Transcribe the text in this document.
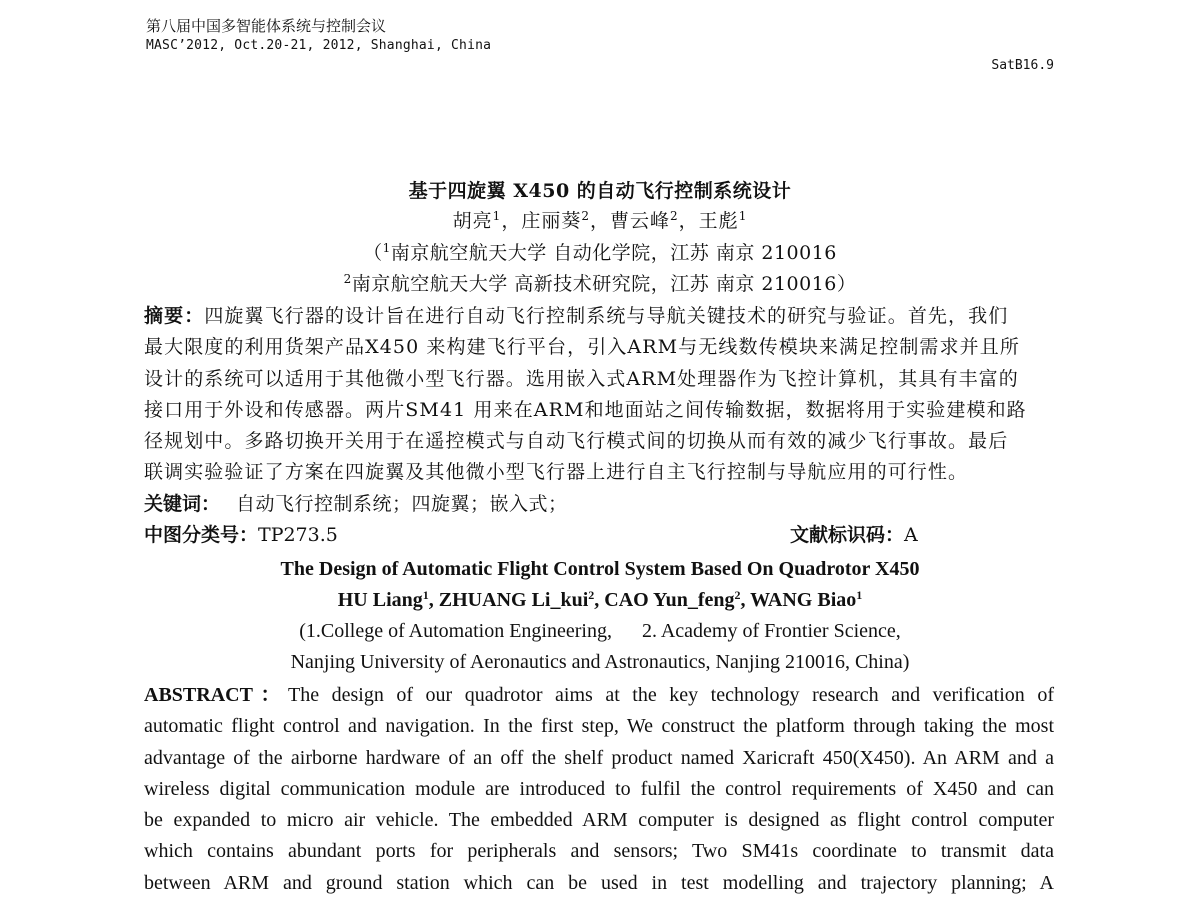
第八届中国多智能体系统与控制会议
MASC’2012, Oct.20-21, 2012, Shanghai, China
SatB16.9
基于四旋翼 X450 的自动飞行控制系统设计
胡亮$^1$，庄丽葵$^2$，曹云峰$^2$，王彪$^1$
（$^1$南京航空航天大学 自动化学院，江苏 南京 210016
$^2$南京航空航天大学 高新技术研究院，江苏 南京 210016）
摘要：四旋翼飞行器的设计旨在进行自动飞行控制系统与导航关键技术的研究与验证。首先，我们
最大限度的利用货架产品X450 来构建飞行平台，引入ARM与无线数传模块来满足控制需求并且所
设计的系统可以适用于其他微小型飞行器。选用嵌入式ARM处理器作为飞控计算机，其具有丰富的
接口用于外设和传感器。两片SM41 用来在ARM和地面站之间传输数据，数据将用于实验建模和路
径规划中。多路切换开关用于在遥控模式与自动飞行模式间的切换从而有效的减少飞行事故。最后
联调实验验证了方案在四旋翼及其他微小型飞行器上进行自主飞行控制与导航应用的可行性。
关键词： 自动飞行控制系统；四旋翼；嵌入式；
中图分类号：TP273.5	文献标识码：A
The Design of Automatic Flight Control System Based On Quadrotor X450
HU Liang$^1$, ZHUANG Li_kui$^2$, CAO Yun_feng$^2$, WANG Biao$^1$
(1.College of Automation Engineering, 2. Academy of Frontier Science,
Nanjing University of Aeronautics and Astronautics, Nanjing 210016, China)
ABSTRACT：The design of our quadrotor aims at the key technology research and verification of
automatic flight control and navigation. In the first step, We construct the platform through taking the most
advantage of the airborne hardware of an off the shelf product named Xaricraft 450(X450). An ARM and a
wireless digital communication module are introduced to fulfil the control requirements of X450 and can
be expanded to micro air vehicle. The embedded ARM computer is designed as flight control computer
which contains abundant ports for peripherals and sensors; Two SM41s coordinate to transmit data
between ARM and ground station which can be used in test modelling and trajectory planning; A
